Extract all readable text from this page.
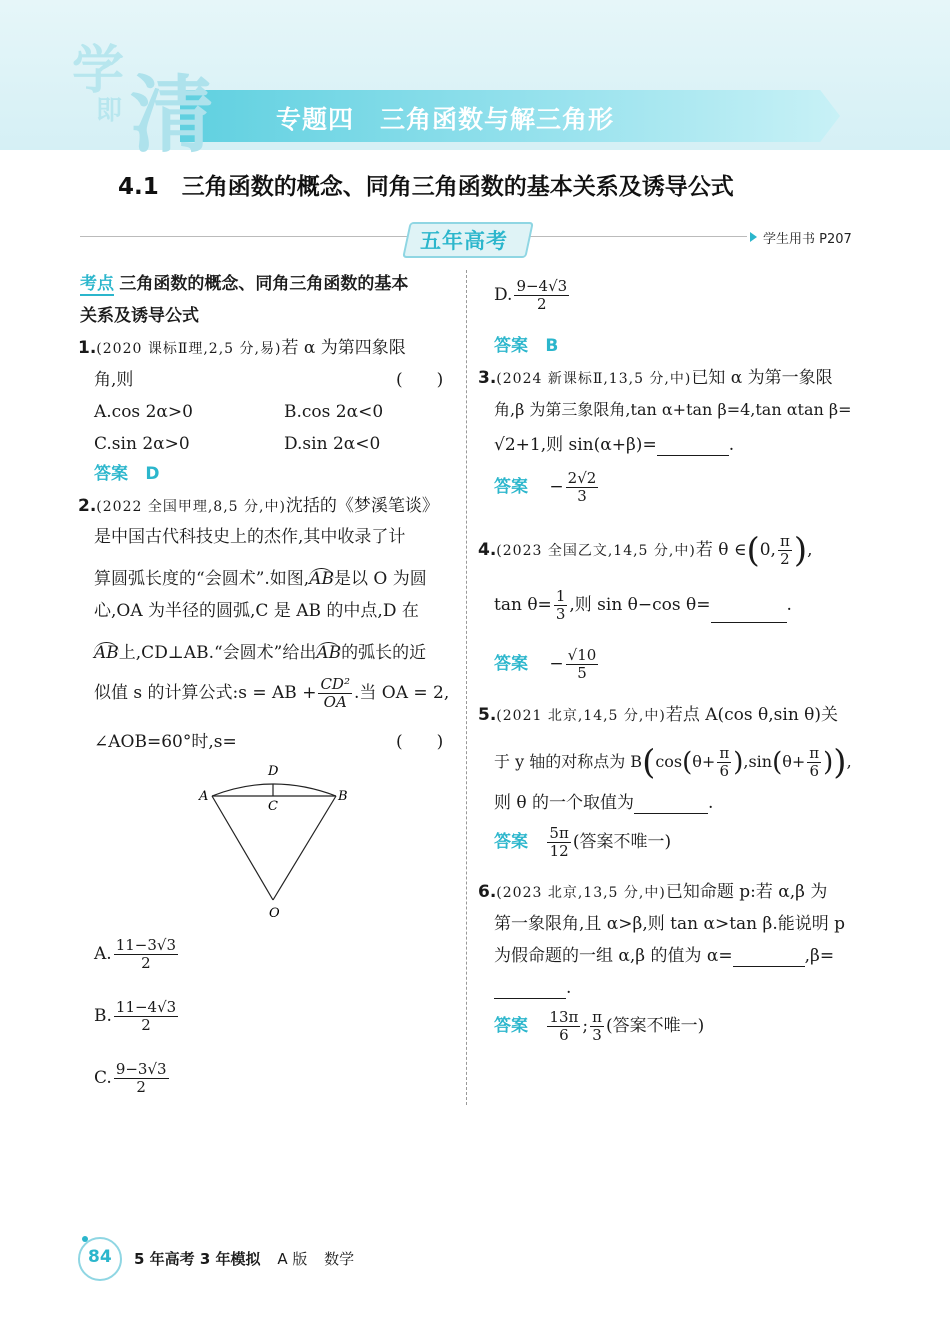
学
即 清 专题四　三角函数与解三角形
4.1　三角函数的概念、同角三角函数的基本关系及诱导公式
五年高考	学生用书 P207
考点 三角函数的概念、同角三角函数的基本
关系及诱导公式
1.(2020 课标Ⅱ理,2,5 分,易)若 α 为第四象限
角,则	(　　)
A.cos 2α>0	B.cos 2α<0
C.sin 2α>0	D.sin 2α<0
答案 D
2.(2022 全国甲理,8,5 分,中)沈括的《梦溪笔谈》
是中国古代科技史上的杰作,其中收录了计
算圆弧长度的“会圆术”.如图,AB是以 O 为圆
心,OA 为半径的圆弧,C 是 AB 的中点,D 在
AB上,CD⊥AB.“会圆术”给出AB的弧长的近
似值 s 的计算公式:s = AB + $\frac{\text{CD²}}{OA}$ .当 OA = 2,
∠AOB=60°时,s=	(　　)
A	B
D
C
O
A. $\frac{11-3√3}{2}$
B. $\frac{11-4√3}{2}$
C. $\frac{9-3√3}{2}$
D. $\frac{9-4√3}{2}$
答案 B
3.(2024 新课标Ⅱ,13,5 分,中)已知 α 为第一象限
角,β 为第三象限角,tan α+tan β=4,tan αtan β=
√2+1,则 sin(α+β)=	.
答案 − $\frac{2√2}{3}$
4.(2023 全国乙文,14,5 分,中)若 θ ∈(0, $\frac{\pi}{2}$ ),
$\tan \theta= \frac{1}{3}$ ,则 sin θ−cos θ=	.
答案 − $\frac{√10}{5}$
5.(2021 北京,14,5 分,中)若点 A(cos θ,sin θ)关
于 y 轴的对称点为 $B(\cos(\theta+ \frac{\pi}{6} ),\sin(\theta+ \frac{\pi}{6}$ )),
则 θ 的一个取值为	.
答案 $\frac{5\pi}{12}$ (答案不唯一)
6.(2023 北京,13,5 分,中)已知命题 p:若 α,β 为
第一象限角,且 α>β,则 tan α>tan β.能说明 p
为假命题的一组 α,β 的值为 α=	,β=
.
答案 $\frac{13\pi}{6}$ ; $\frac{\pi}{3}$ (答案不唯一)
84 5 年高考 3 年模拟 A 版 数学
